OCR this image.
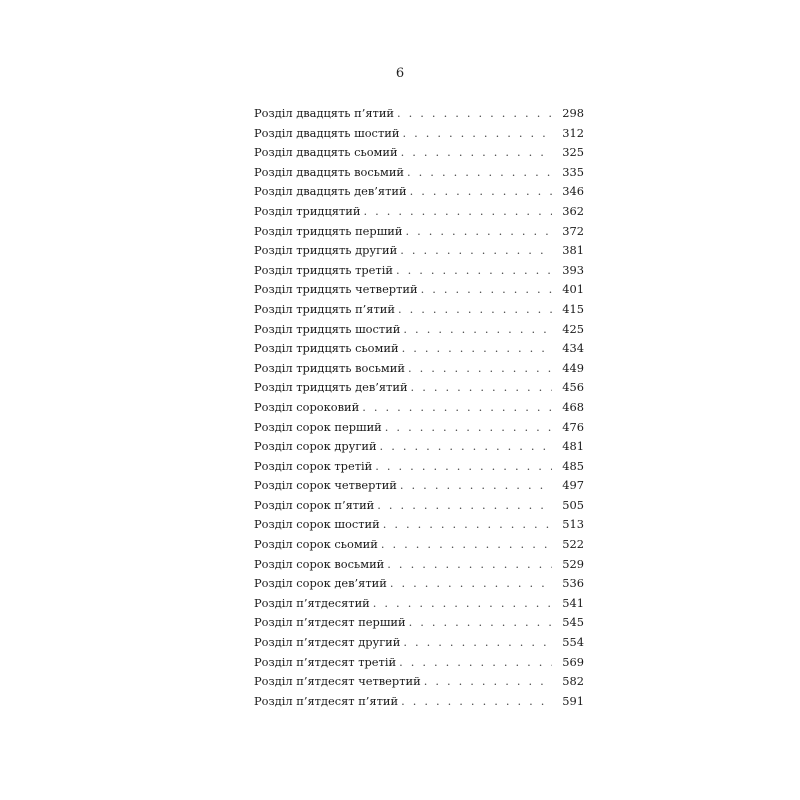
6
Розділ двадцять п’ятий . . .	298
Розділ двадцять шостий . . .	312
Розділ двадцять сьомий . . .	325
Розділ двадцять восьмий . . .	335
Розділ двадцять дев’ятий . . .	346
Розділ тридцятий . . .	362
Розділ тридцять перший . . .	372
Розділ тридцять другий . . .	381
Розділ тридцять третій . . .	393
Розділ тридцять четвертий . . .	401
Розділ тридцять п’ятий . . .	415
Розділ тридцять шостий . . .	425
Розділ тридцять сьомий . . .	434
Розділ тридцять восьмий . . .	449
Розділ тридцять дев’ятий . . .	456
Розділ сороковий . . .	468
Розділ сорок перший . . .	476
Розділ сорок другий . . .	481
Розділ сорок третій . . .	485
Розділ сорок четвертий . . .	497
Розділ сорок п’ятий . . .	505
Розділ сорок шостий . . .	513
Розділ сорок сьомий . . .	522
Розділ сорок восьмий . . .	529
Розділ сорок дев’ятий . . .	536
Розділ п’ятдесятий . . .	541
Розділ п’ятдесят перший . . .	545
Розділ п’ятдесят другий . . .	554
Розділ п’ятдесят третій . . .	569
Розділ п’ятдесят четвертий . . .	582
Розділ п’ятдесят п’ятий . . .	591
